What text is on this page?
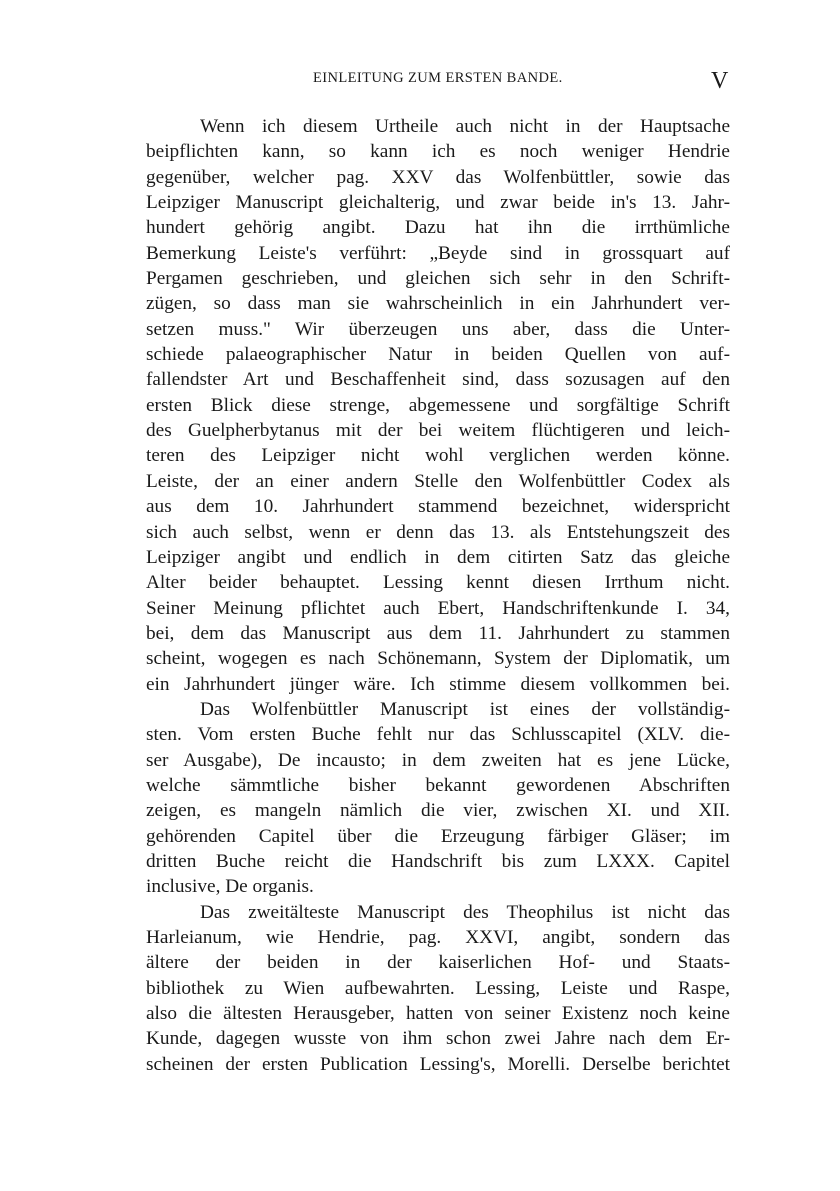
EINLEITUNG ZUM ERSTEN BANDE.	V
Wenn ich diesem Urtheile auch nicht in der Hauptsache
beipflichten kann, so kann ich es noch weniger Hendrie
gegenüber, welcher pag. XXV das Wolfenbüttler, sowie das
Leipziger Manuscript gleichalterig, und zwar beide in's 13. Jahr-
hundert gehörig angibt. Dazu hat ihn die irrthümliche
Bemerkung Leiste's verführt: „Beyde sind in grossquart auf
Pergamen geschrieben, und gleichen sich sehr in den Schrift-
zügen, so dass man sie wahrscheinlich in ein Jahrhundert ver-
setzen muss." Wir überzeugen uns aber, dass die Unter-
schiede palaeographischer Natur in beiden Quellen von auf-
fallendster Art und Beschaffenheit sind, dass sozusagen auf den
ersten Blick diese strenge, abgemessene und sorgfältige Schrift
des Guelpherbytanus mit der bei weitem flüchtigeren und leich-
teren des Leipziger nicht wohl verglichen werden könne.
Leiste, der an einer andern Stelle den Wolfenbüttler Codex als
aus dem 10. Jahrhundert stammend bezeichnet, widerspricht
sich auch selbst, wenn er denn das 13. als Entstehungszeit des
Leipziger angibt und endlich in dem citirten Satz das gleiche
Alter beider behauptet. Lessing kennt diesen Irrthum nicht.
Seiner Meinung pflichtet auch Ebert, Handschriftenkunde I. 34,
bei, dem das Manuscript aus dem 11. Jahrhundert zu stammen
scheint, wogegen es nach Schönemann, System der Diplomatik, um
ein Jahrhundert jünger wäre. Ich stimme diesem vollkommen bei.
Das Wolfenbüttler Manuscript ist eines der vollständig-
sten. Vom ersten Buche fehlt nur das Schlusscapitel (XLV. die-
ser Ausgabe), De incausto; in dem zweiten hat es jene Lücke,
welche sämmtliche bisher bekannt gewordenen Abschriften
zeigen, es mangeln nämlich die vier, zwischen XI. und XII.
gehörenden Capitel über die Erzeugung färbiger Gläser; im
dritten Buche reicht die Handschrift bis zum LXXX. Capitel
inclusive, De organis.
Das zweitälteste Manuscript des Theophilus ist nicht das
Harleianum, wie Hendrie, pag. XXVI, angibt, sondern das
ältere der beiden in der kaiserlichen Hof- und Staats-
bibliothek zu Wien aufbewahrten. Lessing, Leiste und Raspe,
also die ältesten Herausgeber, hatten von seiner Existenz noch keine
Kunde, dagegen wusste von ihm schon zwei Jahre nach dem Er-
scheinen der ersten Publication Lessing's, Morelli. Derselbe berichtet
